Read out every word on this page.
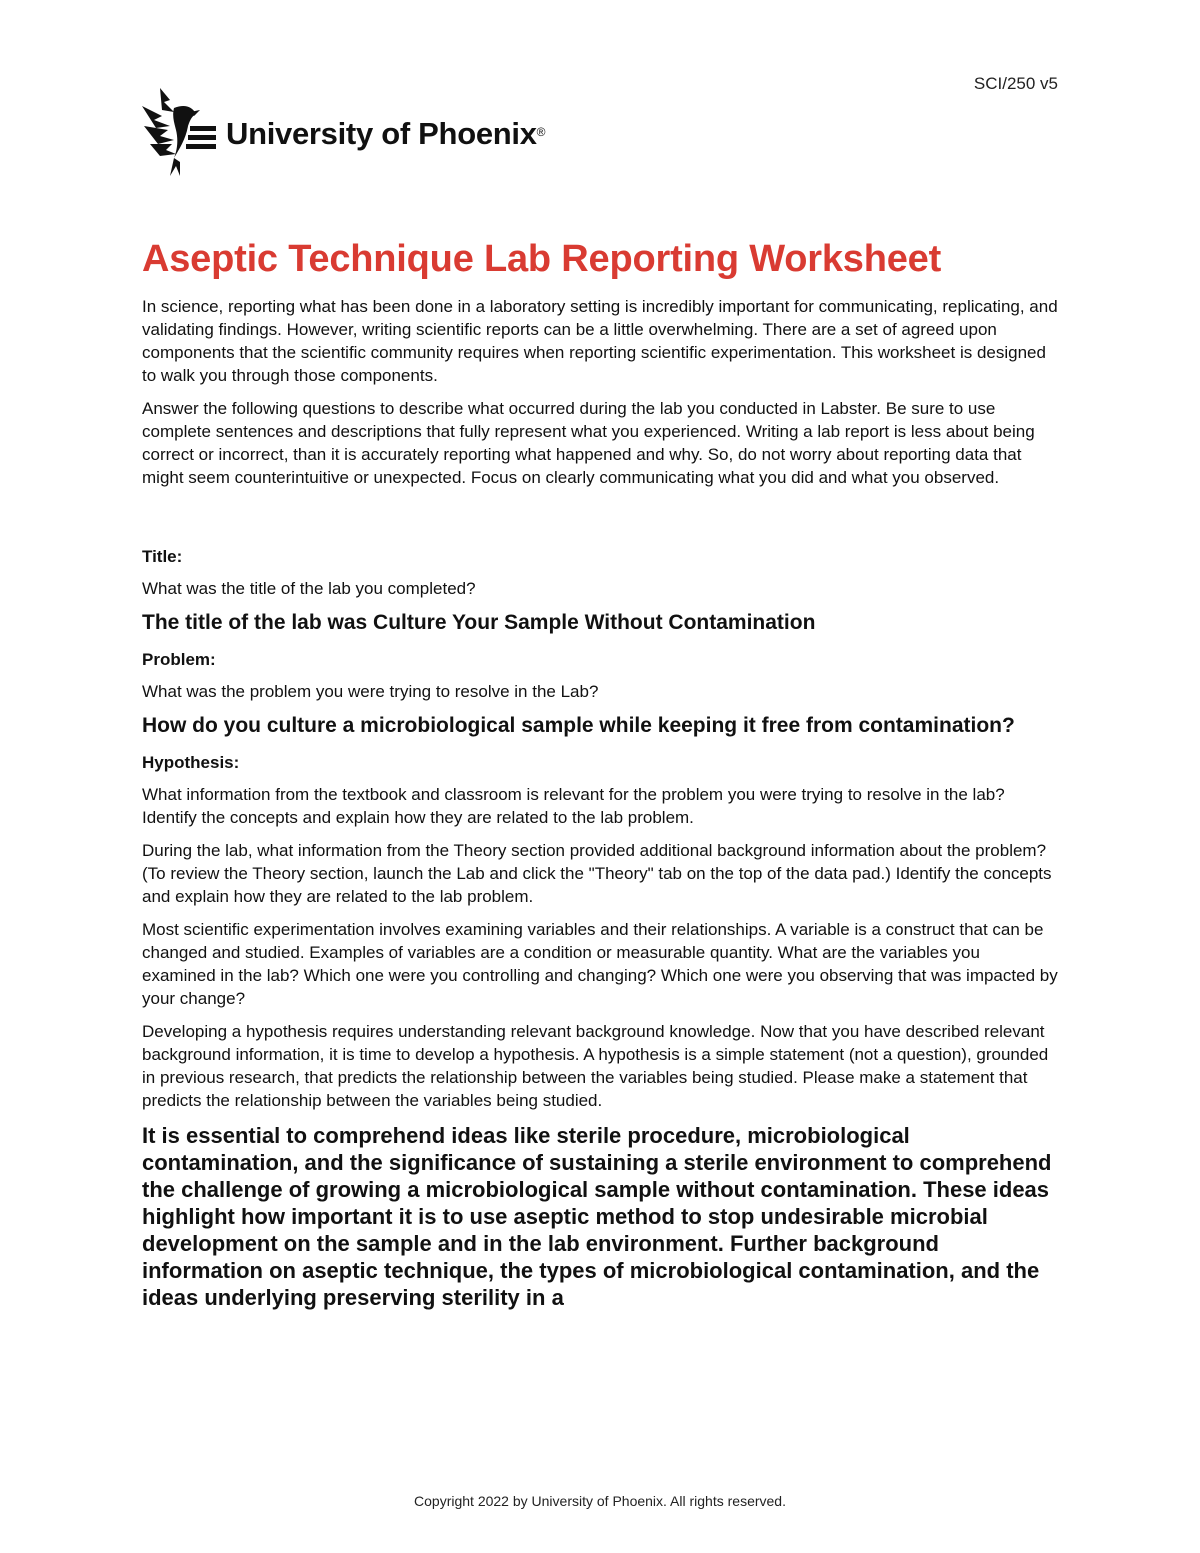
SCI/250 v5
University of Phoenix®
Aseptic Technique Lab Reporting Worksheet

In science, reporting what has been done in a laboratory setting is incredibly important for communicating, replicating, and validating findings. However, writing scientific reports can be a little overwhelming. There are a set of agreed upon components that the scientific community requires when reporting scientific experimentation. This worksheet is designed to walk you through those components.

Answer the following questions to describe what occurred during the lab you conducted in Labster. Be sure to use complete sentences and descriptions that fully represent what you experienced. Writing a lab report is less about being correct or incorrect, than it is accurately reporting what happened and why. So, do not worry about reporting data that might seem counterintuitive or unexpected. Focus on clearly communicating what you did and what you observed.

Title:

What was the title of the lab you completed?

The title of the lab was Culture Your Sample Without Contamination
Problem:

What was the problem you were trying to resolve in the Lab?

How do you culture a microbiological sample while keeping it free from contamination?
Hypothesis:

What information from the textbook and classroom is relevant for the problem you were trying to resolve in the lab? Identify the concepts and explain how they are related to the lab problem.

During the lab, what information from the Theory section provided additional background information about the problem? (To review the Theory section, launch the Lab and click the "Theory" tab on the top of the data pad.) Identify the concepts and explain how they are related to the lab problem.

Most scientific experimentation involves examining variables and their relationships. A variable is a construct that can be changed and studied. Examples of variables are a condition or measurable quantity. What are the variables you examined in the lab? Which one were you controlling and changing? Which one were you observing that was impacted by your change?

Developing a hypothesis requires understanding relevant background knowledge. Now that you have described relevant background information, it is time to develop a hypothesis. A hypothesis is a simple statement (not a question), grounded in previous research, that predicts the relationship between the variables being studied. Please make a statement that predicts the relationship between the variables being studied.

It is essential to comprehend ideas like sterile procedure, microbiological contamination, and the significance of sustaining a sterile environment to comprehend the challenge of growing a microbiological sample without contamination. These ideas highlight how important it is to use aseptic method to stop undesirable microbial development on the sample and in the lab environment. Further background information on aseptic technique, the types of microbiological contamination, and the ideas underlying preserving sterility in a
Copyright 2022 by University of Phoenix. All rights reserved.
